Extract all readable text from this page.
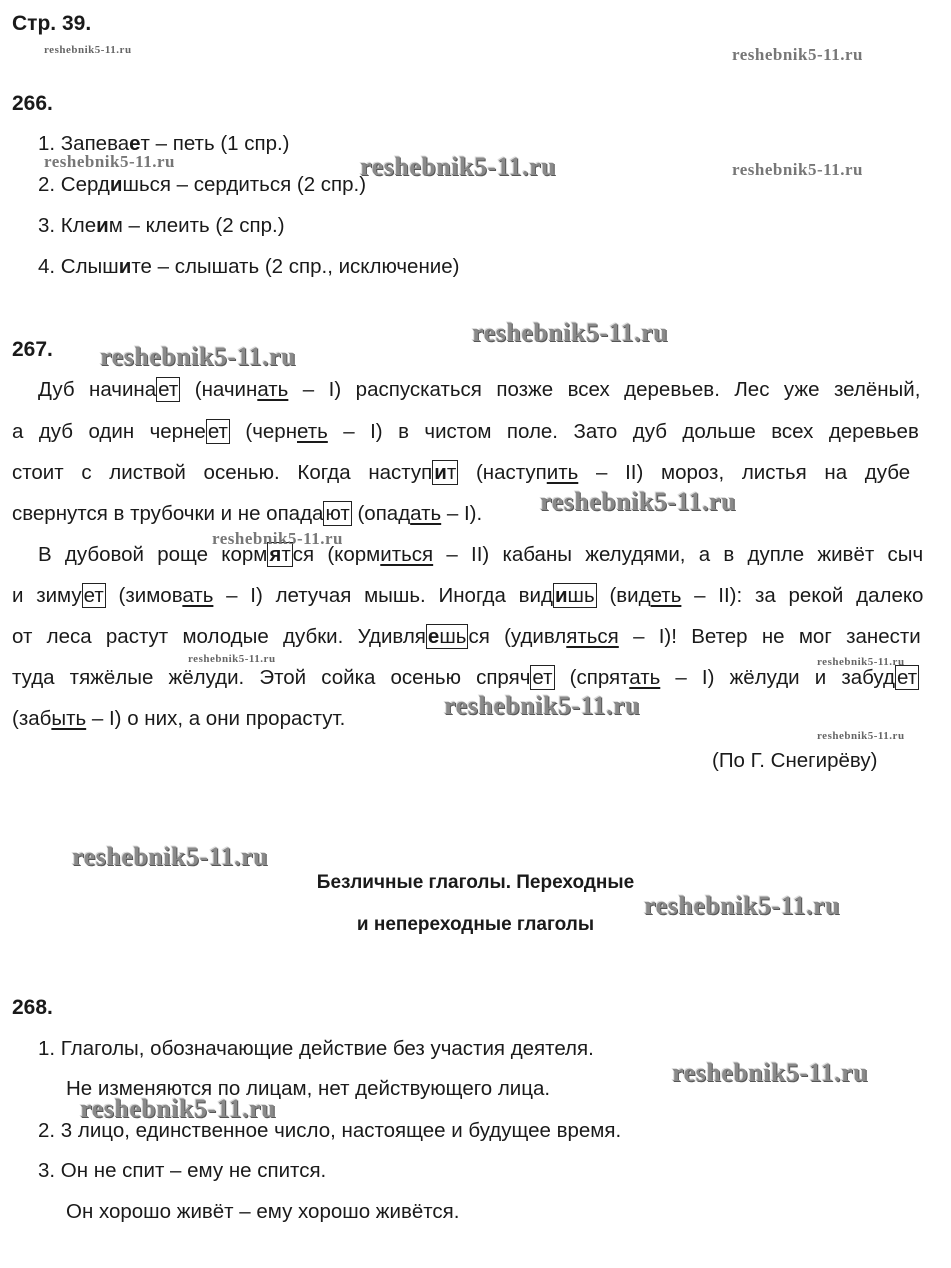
Стр. 39.
266.
1. Запевает – петь (1 спр.)
2. Сердишься – сердиться (2 спр.)
3. Клеим – клеить (2 спр.)
4. Слышите – слышать (2 спр., исключение)
267.
Дуб начинает (начинать – I) распускаться позже всех деревьев. Лес уже зелёный,
а дуб один чернеет (чернеть – I) в чистом поле. Зато дуб дольше всех деревьев
стоит с листвой осенью. Когда наступит (наступить – II) мороз, листья на дубе
свернутся в трубочки и не опадают (опадать – I).
В дубовой роще кормятся (кормиться – II) кабаны желудями, а в дупле живёт сыч
и зимует (зимовать – I) летучая мышь. Иногда видишь (видеть – II): за рекой далеко
от леса растут молодые дубки. Удивляешься (удивляться – I)! Ветер не мог занести
туда тяжёлые жёлуди. Этой сойка осенью спрячет (спрятать – I) жёлуди и забудет
(забыть – I) о них, а они прорастут.
(По Г. Снегирёву)
Безличные глаголы. Переходные
и непереходные глаголы
268.
1. Глаголы, обозначающие действие без участия деятеля.
Не изменяются по лицам, нет действующего лица.
2. 3 лицо, единственное число, настоящее и будущее время.
3. Он не спит – ему не спится.
Он хорошо живёт – ему хорошо живётся.
reshebnik5-11.ru	reshebnik5-11.ru
reshebnik5-11.ru	reshebnik5-11.ru	reshebnik5-11.ru
reshebnik5-11.ru
reshebnik5-11.ru
reshebnik5-11.ru
reshebnik5-11.ru
reshebnik5-11.ru	reshebnik5-11.ru
reshebnik5-11.ru
reshebnik5-11.ru
reshebnik5-11.ru
reshebnik5-11.ru
reshebnik5-11.ru
reshebnik5-11.ru
